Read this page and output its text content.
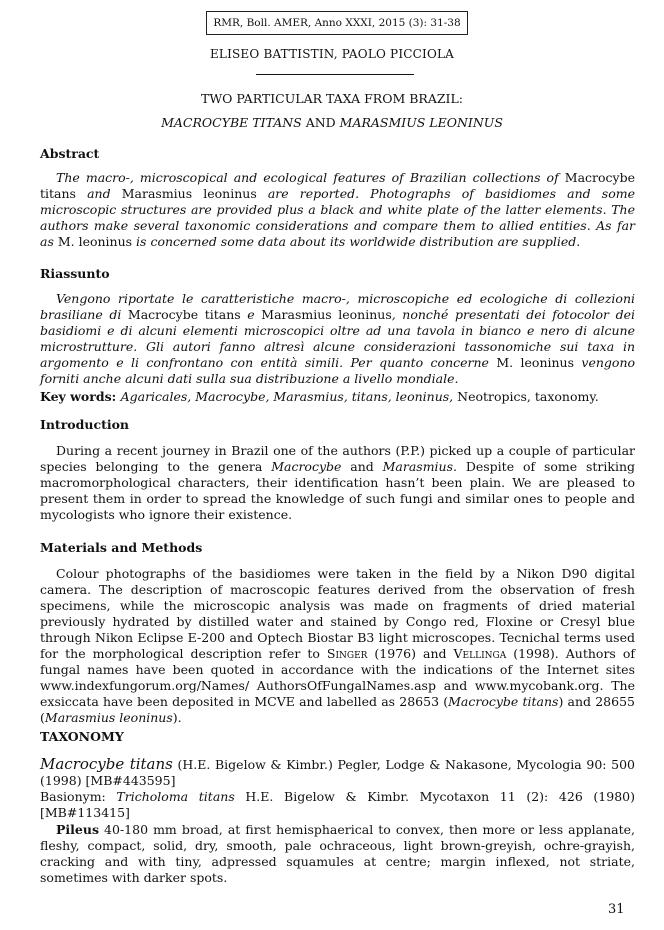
RMR, Boll. AMER, Anno XXXI, 2015 (3): 31-38
ELISEO BATTISTIN, PAOLO PICCIOLA
TWO PARTICULAR TAXA FROM BRAZIL:
MACROCYBE TITANS AND MARASMIUS LEONINUS
Abstract

The macro-, microscopical and ecological features of Brazilian collections of Macrocybe titans and Marasmius leoninus are reported. Photographs of basidiomes and some microscopic structures are provided plus a black and white plate of the latter elements. The authors make several taxonomic considerations and compare them to allied entities. As far as M. leoninus is concerned some data about its worldwide distribution are supplied.

Riassunto

Vengono riportate le caratteristiche macro-, microscopiche ed ecologiche di collezioni brasiliane di Macrocybe titans e Marasmius leoninus, nonché presentati dei fotocolor dei basidiomi e di alcuni elementi microscopici oltre ad una tavola in bianco e nero di alcune microstrutture. Gli autori fanno altresì alcune considerazioni tassonomiche sui taxa in argomento e li confrontano con entità simili. Per quanto concerne M. leoninus vengono forniti anche alcuni dati sulla sua distribuzione a livello mondiale.

Key words: Agaricales, Macrocybe, Marasmius, titans, leoninus, Neotropics, taxonomy.
Introduction

During a recent journey in Brazil one of the authors (P.P.) picked up a couple of particular species belonging to the genera Macrocybe and Marasmius. Despite of some striking macromorphological characters, their identification hasn’t been plain. We are pleased to present them in order to spread the knowledge of such fungi and similar ones to people and mycologists who ignore their existence.

Materials and Methods

Colour photographs of the basidiomes were taken in the field by a Nikon D90 digital camera. The description of macroscopic features derived from the observation of fresh specimens, while the microscopic analysis was made on fragments of dried material previously hydrated by distilled water and stained by Congo red, Floxine or Cresyl blue through Nikon Eclipse E-200 and Optech Biostar B3 light microscopes. Tecnichal terms used for the morphological description refer to Singer (1976) and Vellinga (1998). Authors of fungal names have been quoted in accordance with the indications of the Internet sites www.indexfungorum.org/Names/ AuthorsOfFungalNames.asp and www.mycobank.org. The exsiccata have been deposited in MCVE and labelled as 28653 (Macrocybe titans) and 28655 (Marasmius leoninus).

TAXONOMY
Macrocybe titans (H.E. Bigelow & Kimbr.) Pegler, Lodge & Nakasone, Mycologia 90: 500 (1998) [MB#443595]
Basionym: Tricholoma titans H.E. Bigelow & Kimbr. Mycotaxon 11 (2): 426 (1980) [MB#113415]

Pileus 40-180 mm broad, at first hemisphaerical to convex, then more or less applanate, fleshy, compact, solid, dry, smooth, pale ochraceous, light brown-greyish, ochre-grayish, cracking and with tiny, adpressed squamules at centre; margin inflexed, not striate, sometimes with darker spots.

31
